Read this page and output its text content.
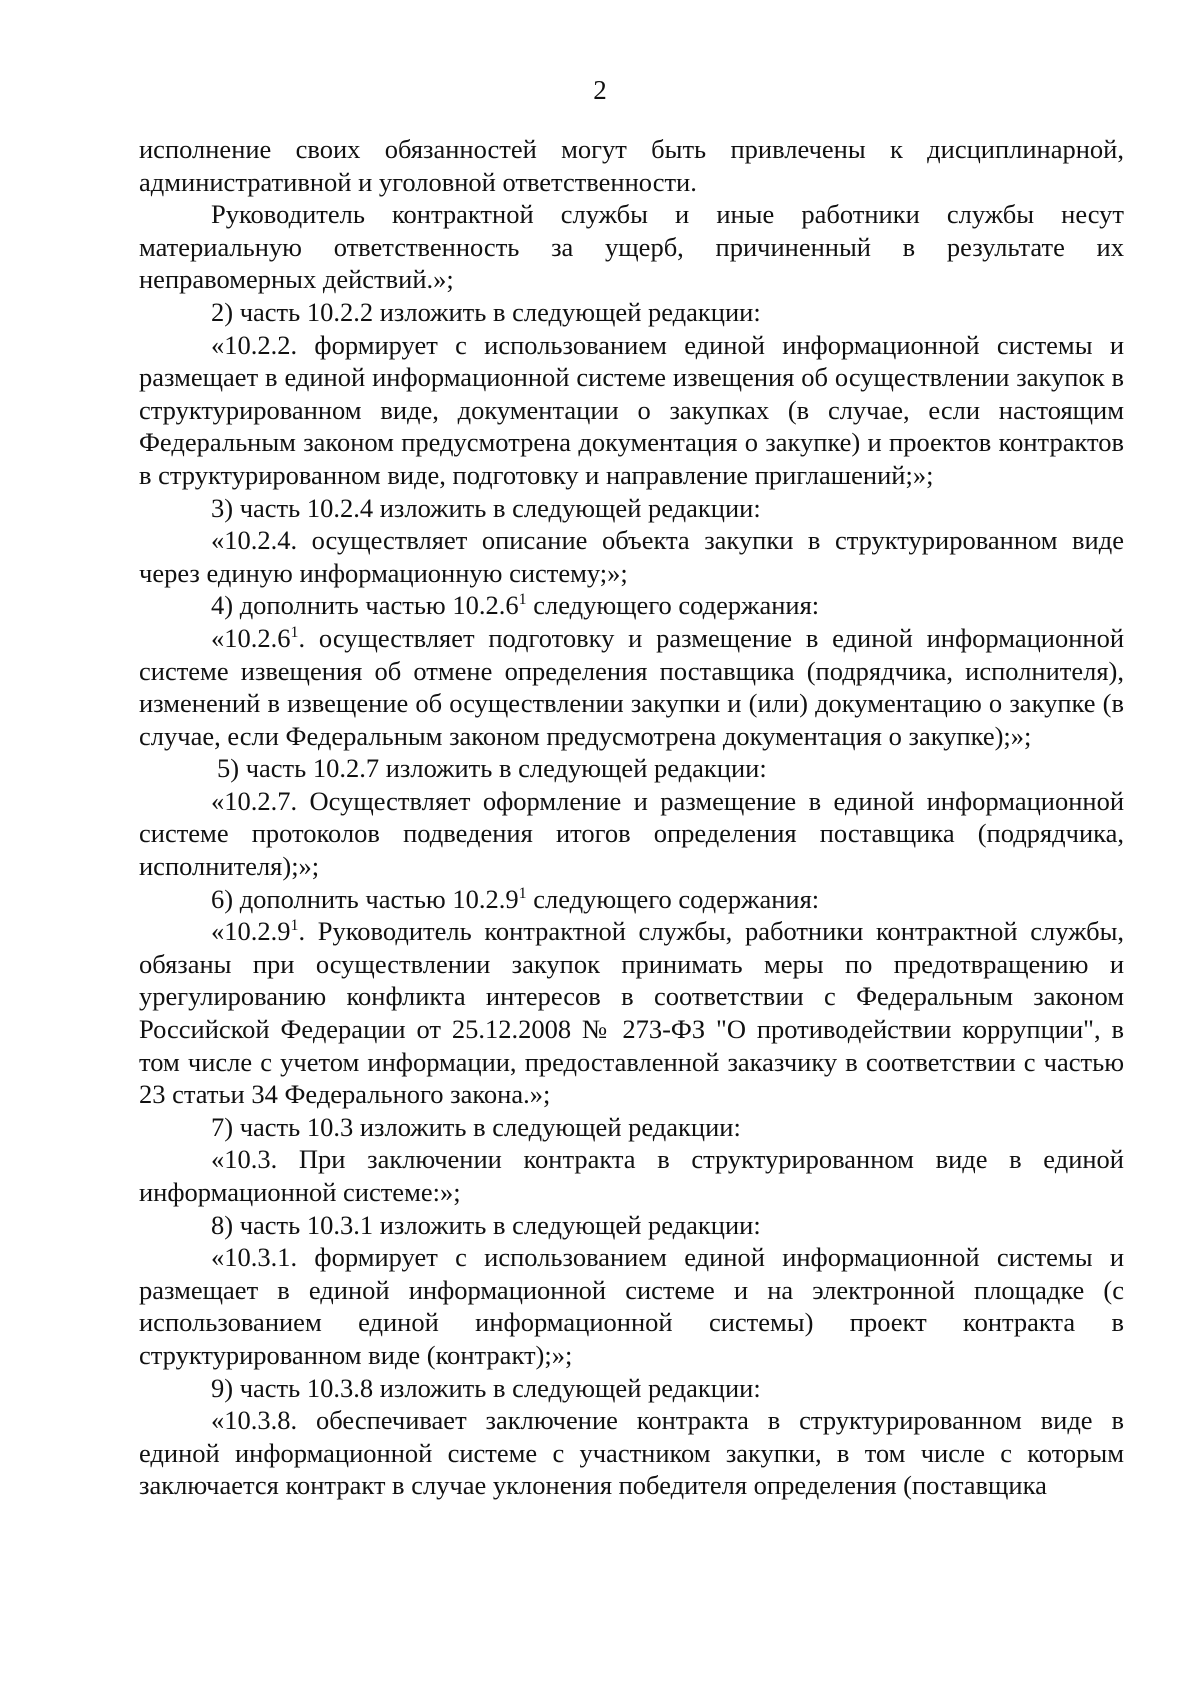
2

исполнение своих обязанностей могут быть привлечены к дисциплинарной, административной и уголовной ответственности.

Руководитель контрактной службы и иные работники службы несут материальную ответственность за ущерб, причиненный в результате их неправомерных действий.»;

2) часть 10.2.2 изложить в следующей редакции:

«10.2.2. формирует с использованием единой информационной системы и размещает в единой информационной системе извещения об осуществлении закупок в структурированном виде, документации о закупках (в случае, если настоящим Федеральным законом предусмотрена документация о закупке) и проектов контрактов в структурированном виде, подготовку и направление приглашений;»;

3) часть 10.2.4 изложить в следующей редакции:

«10.2.4. осуществляет описание объекта закупки в структурированном виде через единую информационную систему;»;

4) дополнить частью 10.2.6$^1$ следующего содержания:

«10.2.6$^1$. осуществляет подготовку и размещение в единой информационной системе извещения об отмене определения поставщика (подрядчика, исполнителя), изменений в извещение об осуществлении закупки и (или) документацию о закупке (в случае, если Федеральным законом предусмотрена документация о закупке);»;

5) часть 10.2.7 изложить в следующей редакции:

«10.2.7. Осуществляет оформление и размещение в единой информационной системе протоколов подведения итогов определения поставщика (подрядчика, исполнителя);»;

6) дополнить частью 10.2.9$^1$ следующего содержания:

«10.2.9$^1$. Руководитель контрактной службы, работники контрактной службы, обязаны при осуществлении закупок принимать меры по предотвращению и урегулированию конфликта интересов в соответствии с Федеральным законом Российской Федерации от 25.12.2008 № 273-ФЗ "О противодействии коррупции", в том числе с учетом информации, предоставленной заказчику в соответствии с частью 23 статьи 34 Федерального закона.»;

7) часть 10.3 изложить в следующей редакции:

«10.3. При заключении контракта в структурированном виде в единой информационной системе:»;

8) часть 10.3.1 изложить в следующей редакции:

«10.3.1. формирует с использованием единой информационной системы и размещает в единой информационной системе и на электронной площадке (с использованием единой информационной системы) проект контракта в структурированном виде (контракт);»;

9) часть 10.3.8 изложить в следующей редакции:

«10.3.8. обеспечивает заключение контракта в структурированном виде в единой информационной системе с участником закупки, в том числе с которым заключается контракт в случае уклонения победителя определения (поставщика
